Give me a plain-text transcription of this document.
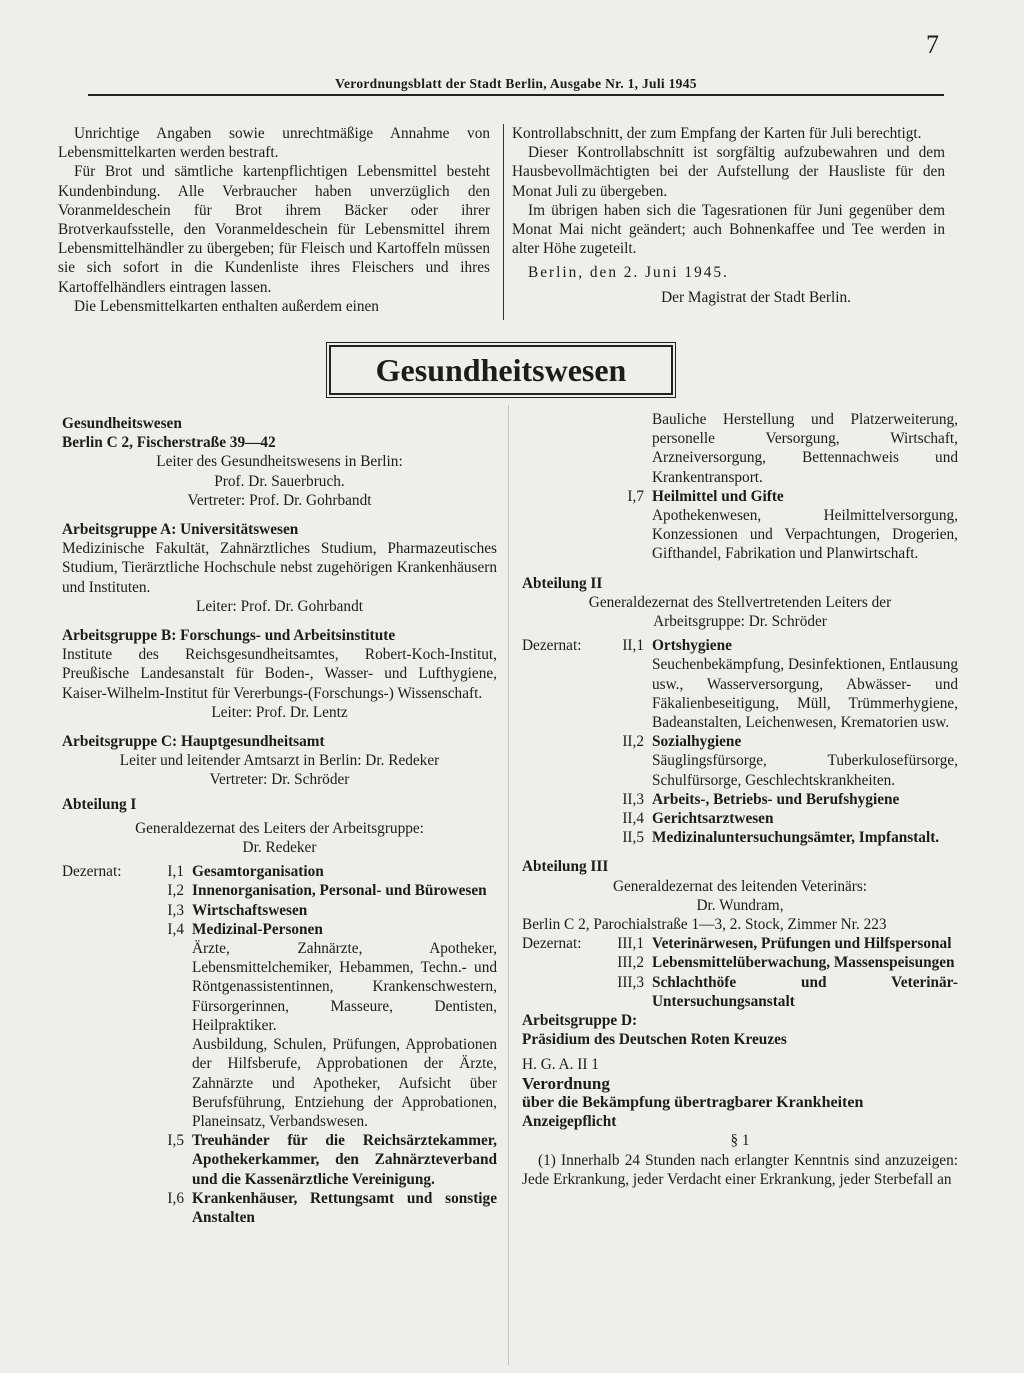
7
Verordnungsblatt der Stadt Berlin, Ausgabe Nr. 1, Juli 1945

Unrichtige Angaben sowie unrechtmäßige Annahme von Lebensmittelkarten werden bestraft.

Für Brot und sämtliche kartenpflichtigen Lebensmittel besteht Kundenbindung. Alle Verbraucher haben unverzüglich den Voranmeldeschein für Brot ihrem Bäcker oder ihrer Brotverkaufsstelle, den Voranmeldeschein für Lebensmittel ihrem Lebensmittelhändler zu übergeben; für Fleisch und Kartoffeln müssen sie sich sofort in die Kundenliste ihres Fleischers und ihres Kartoffelhändlers eintragen lassen.

Die Lebensmittelkarten enthalten außerdem einen

Kontrollabschnitt, der zum Empfang der Karten für Juli berechtigt.

Dieser Kontrollabschnitt ist sorgfältig aufzubewahren und dem Hausbevollmächtigten bei der Aufstellung der Hausliste für den Monat Juli zu übergeben.

Im übrigen haben sich die Tagesrationen für Juni gegenüber dem Monat Mai nicht geändert; auch Bohnenkaffee und Tee werden in alter Höhe zugeteilt.

Berlin, den 2. Juni 1945.

Der Magistrat der Stadt Berlin.

Gesundheitswesen

Gesundheitswesen

Berlin C 2, Fischerstraße 39—42

Leiter des Gesundheitswesens in Berlin:

Prof. Dr. Sauerbruch.

Vertreter: Prof. Dr. Gohrbandt

Arbeitsgruppe A: Universitätswesen

Medizinische Fakultät, Zahnärztliches Studium, Pharmazeutisches Studium, Tierärztliche Hochschule nebst zugehörigen Krankenhäusern und Instituten.

Leiter: Prof. Dr. Gohrbandt

Arbeitsgruppe B: Forschungs- und Arbeitsinstitute

Institute des Reichsgesundheitsamtes, Robert-Koch-Institut, Preußische Landesanstalt für Boden-, Wasser- und Lufthygiene, Kaiser-Wilhelm-Institut für Vererbungs-(Forschungs-) Wissenschaft.

Leiter: Prof. Dr. Lentz

Arbeitsgruppe C: Hauptgesundheitsamt

Leiter und leitender Amtsarzt in Berlin: Dr. Redeker

Vertreter: Dr. Schröder

Abteilung I

Generaldezernat des Leiters der Arbeitsgruppe:

Dr. Redeker

Dezernat:	I,1 Gesamtorganisation
I,2 Innenorganisation, Personal- und Bürowesen
I,3 Wirtschaftswesen
I,4 Medizinal-Personen
Ärzte, Zahnärzte, Apotheker, Lebensmittelchemiker, Hebammen, Techn.- und Röntgenassistentinnen, Krankenschwestern, Fürsorgerinnen, Masseure, Dentisten, Heilpraktiker.
Ausbildung, Schulen, Prüfungen, Approbationen der Hilfsberufe, Approbationen der Ärzte, Zahnärzte und Apotheker, Aufsicht über Berufsführung, Entziehung der Approbationen, Planeinsatz, Verbandswesen.
I,5 Treuhänder für die Reichsärztekammer, Apothekerkammer, den Zahnärzteverband und die Kassenärztliche Vereinigung.
I,6 Krankenhäuser, Rettungsamt und sonstige Anstalten
Bauliche Herstellung und Platzerweiterung, personelle Versorgung, Wirtschaft, Arzneiversorgung, Bettennachweis und Krankentransport.
I,7 Heilmittel und Gifte
Apothekenwesen, Heilmittelversorgung, Konzessionen und Verpachtungen, Drogerien, Gifthandel, Fabrikation und Planwirtschaft.

Abteilung II

Generaldezernat des Stellvertretenden Leiters der

Arbeitsgruppe: Dr. Schröder

Dezernat:	II,1 Ortshygiene
Seuchenbekämpfung, Desinfektionen, Entlausung usw., Wasserversorgung, Abwässer- und Fäkalienbeseitigung, Müll, Trümmerhygiene, Badeanstalten, Leichenwesen, Krematorien usw.
II,2 Sozialhygiene
Säuglingsfürsorge, Tuberkulosefürsorge, Schulfürsorge, Geschlechtskrankheiten.
II,3 Arbeits-, Betriebs- und Berufshygiene
II,4 Gerichtsarztwesen
II,5 Medizinaluntersuchungsämter, Impfanstalt.

Abteilung III

Generaldezernat des leitenden Veterinärs:

Dr. Wundram,

Berlin C 2, Parochialstraße 1—3, 2. Stock, Zimmer Nr. 223

Dezernat:	III,1 Veterinärwesen, Prüfungen und Hilfspersonal
III,2 Lebensmittelüberwachung, Massenspeisungen
III,3 Schlachthöfe und Veterinär-Untersuchungsanstalt

Arbeitsgruppe D:

Präsidium des Deutschen Roten Kreuzes

H. G. A. II 1

Verordnung

über die Bekämpfung übertragbarer Krankheiten

Anzeigepflicht

§ 1

(1) Innerhalb 24 Stunden nach erlangter Kenntnis sind anzuzeigen: Jede Erkrankung, jeder Verdacht einer Erkrankung, jeder Sterbefall an
